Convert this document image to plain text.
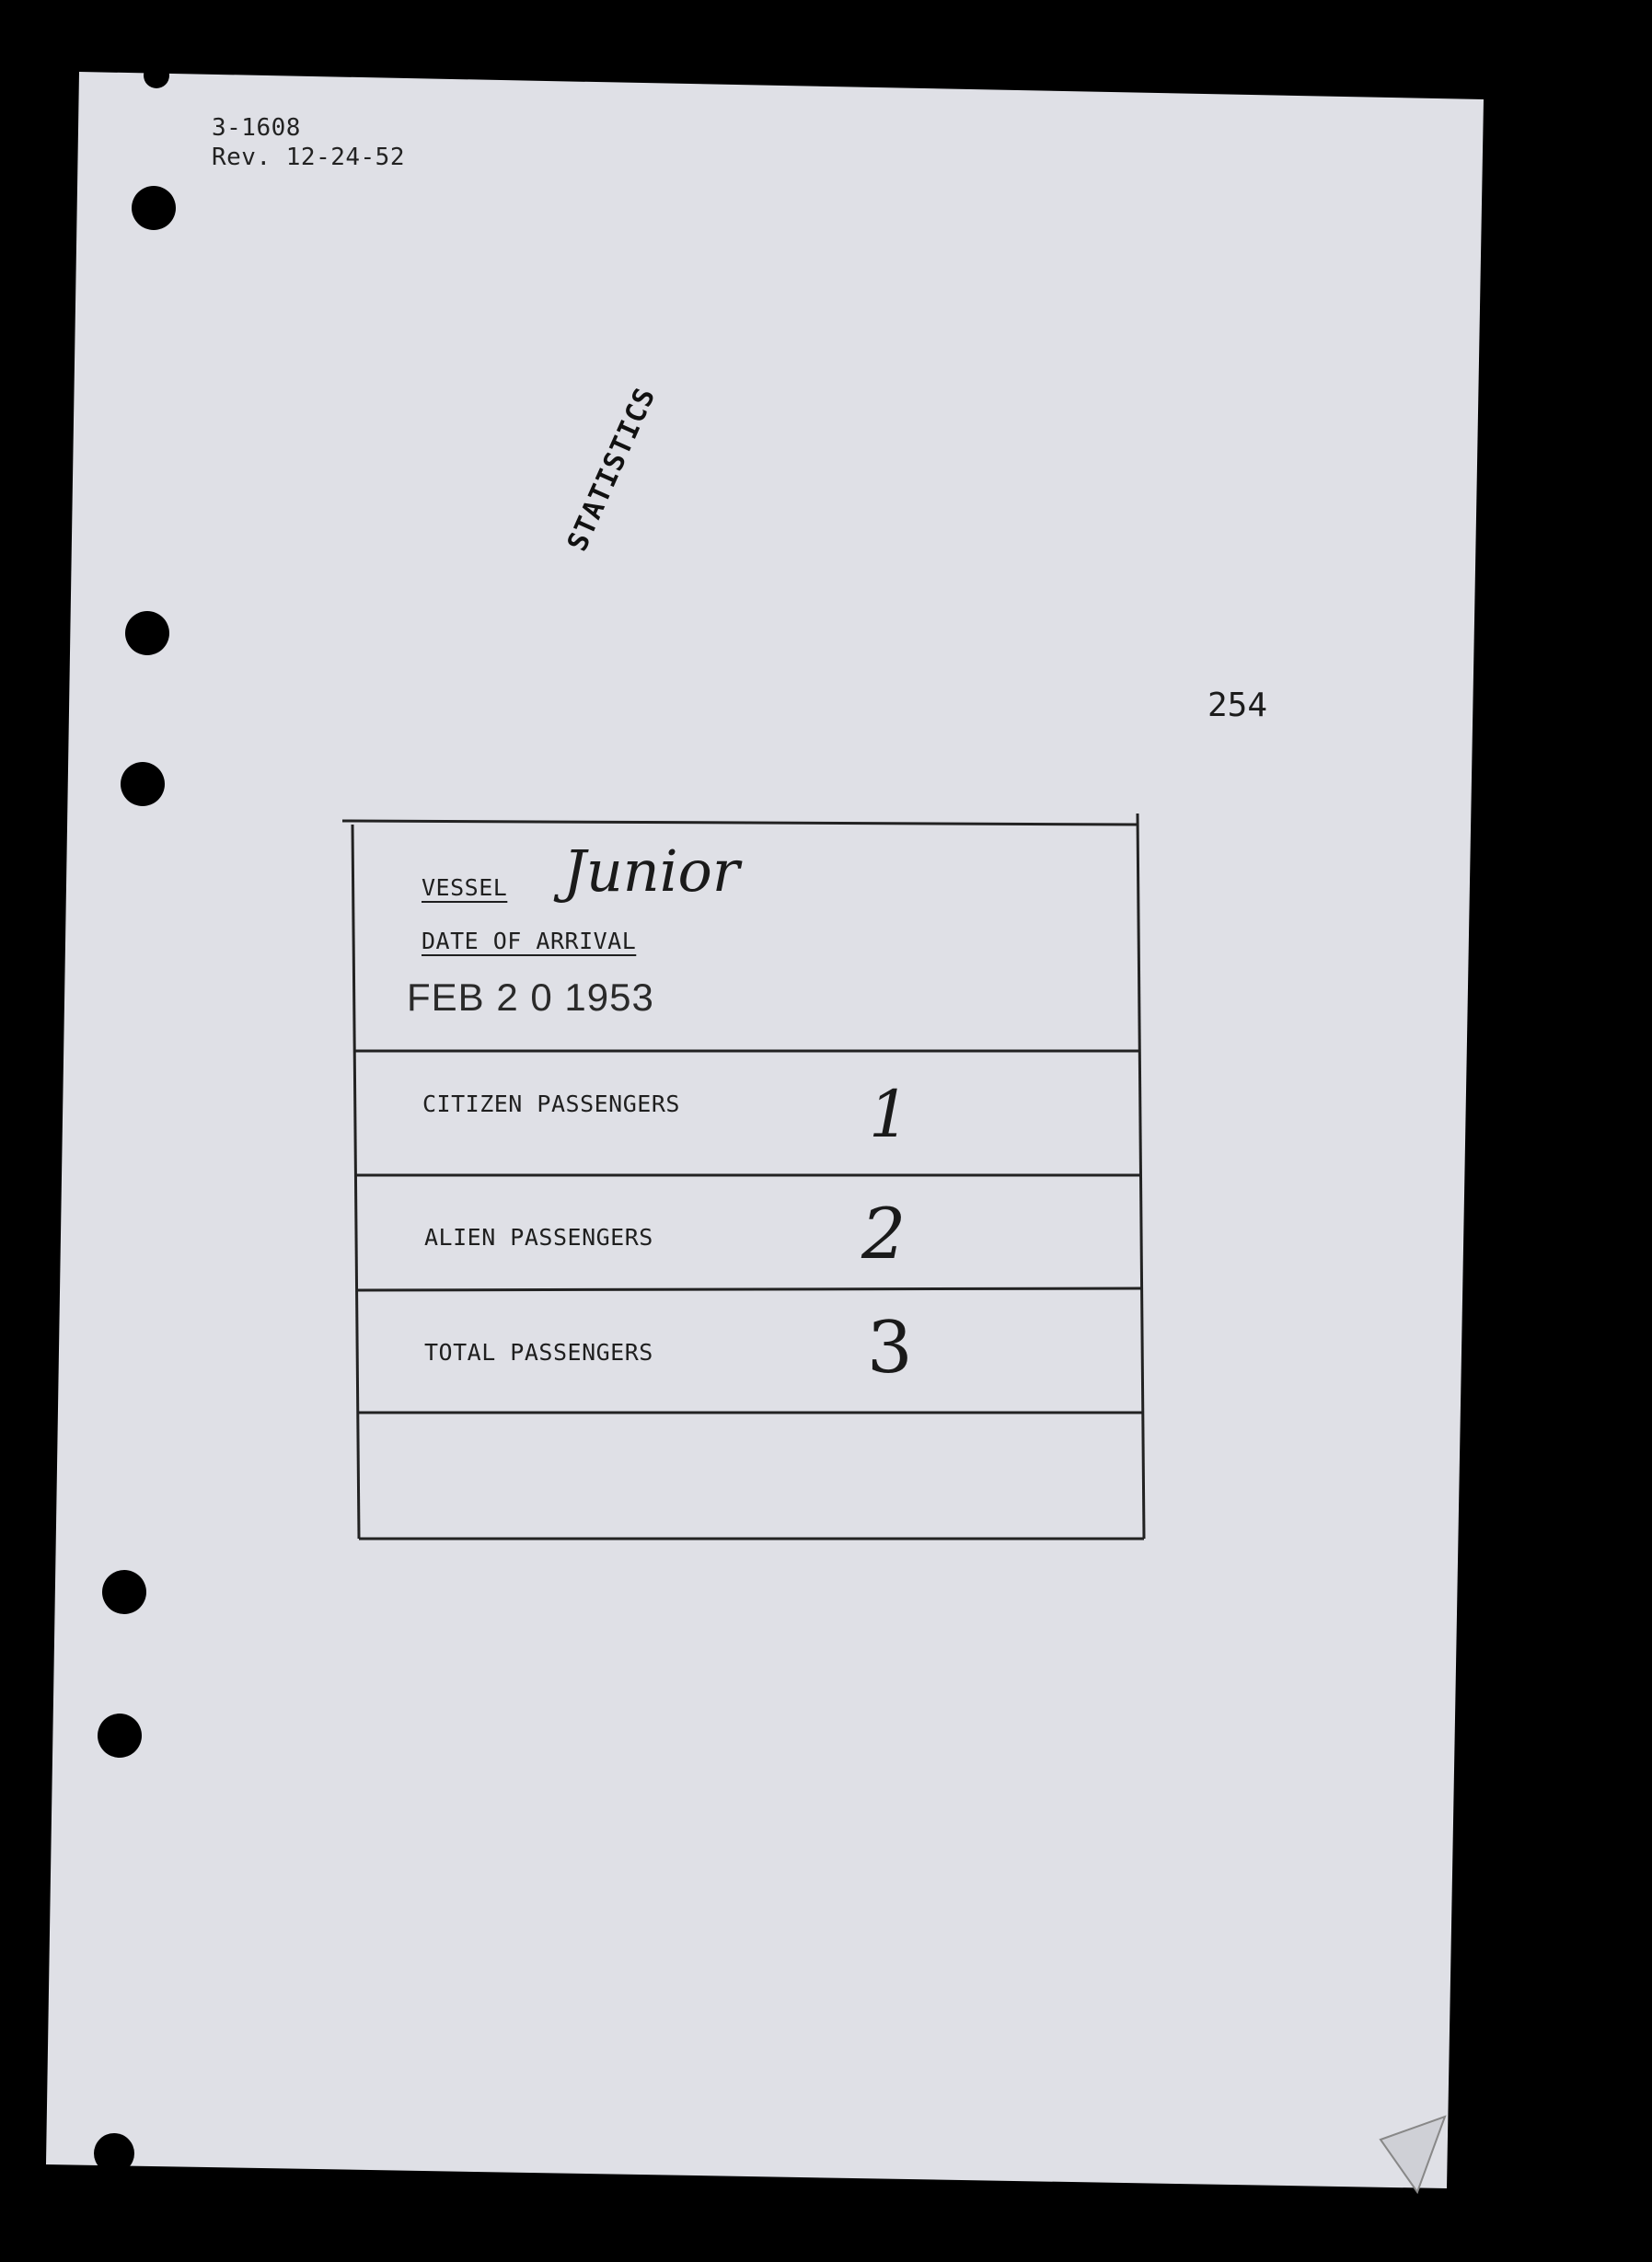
3-1608
Rev. 12-24-52
STATISTICS
254
VESSEL Junior
DATE OF ARRIVAL
FEB 2 0 1953
CITIZEN PASSENGERS	1
ALIEN PASSENGERS	2
TOTAL PASSENGERS	3
